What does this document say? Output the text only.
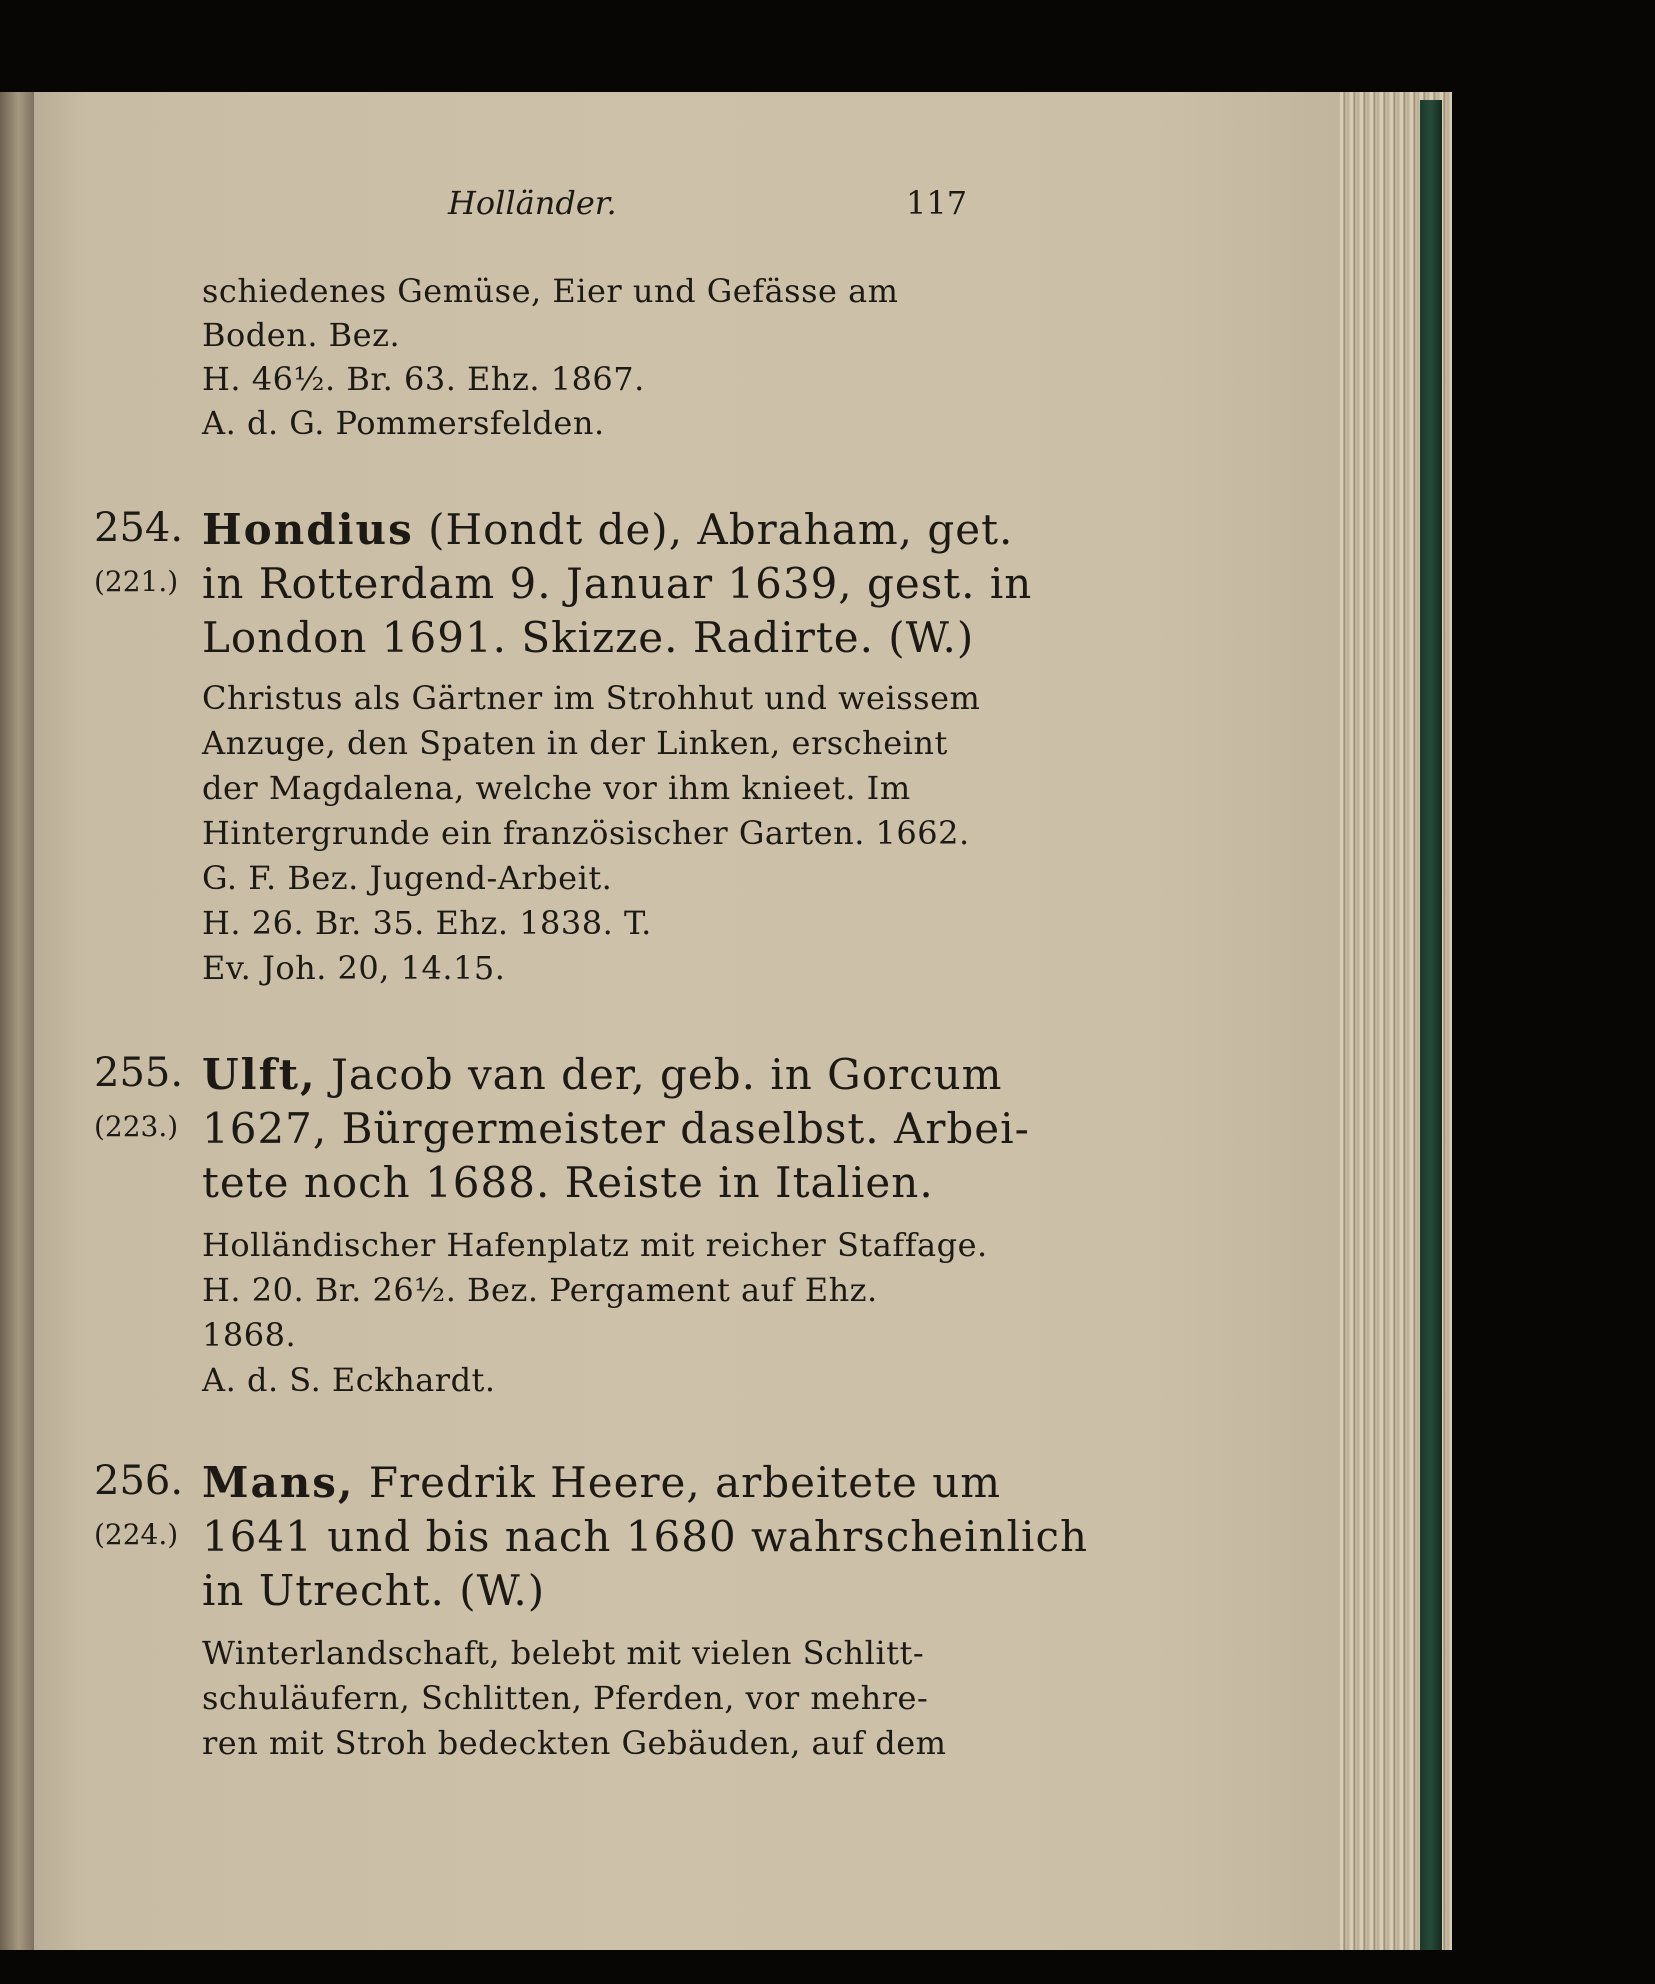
Holländer.	117
schiedenes Gemüse, Eier und Gefässe am
Boden. Bez.
H. 46½. Br. 63. Ehz. 1867.
A. d. G. Pommersfelden.
254. Hondius (Hondt de), Abraham, get.
(221.) in Rotterdam 9. Januar 1639, gest. in
London 1691. Skizze. Radirte. (W.)
Christus als Gärtner im Strohhut und weissem
Anzuge, den Spaten in der Linken, erscheint
der Magdalena, welche vor ihm knieet. Im
Hintergrunde ein französischer Garten. 1662.
G. F. Bez. Jugend-Arbeit.
H. 26. Br. 35. Ehz. 1838. T.
Ev. Joh. 20, 14.15.
255. Ulft, Jacob van der, geb. in Gorcum
(223.) 1627, Bürgermeister daselbst. Arbei-
tete noch 1688. Reiste in Italien.
Holländischer Hafenplatz mit reicher Staffage.
H. 20. Br. 26½. Bez. Pergament auf Ehz.
1868.
A. d. S. Eckhardt.
256. Mans, Fredrik Heere, arbeitete um
(224.) 1641 und bis nach 1680 wahrscheinlich
in Utrecht. (W.)
Winterlandschaft, belebt mit vielen Schlitt-
schuläufern, Schlitten, Pferden, vor mehre-
ren mit Stroh bedeckten Gebäuden, auf dem
